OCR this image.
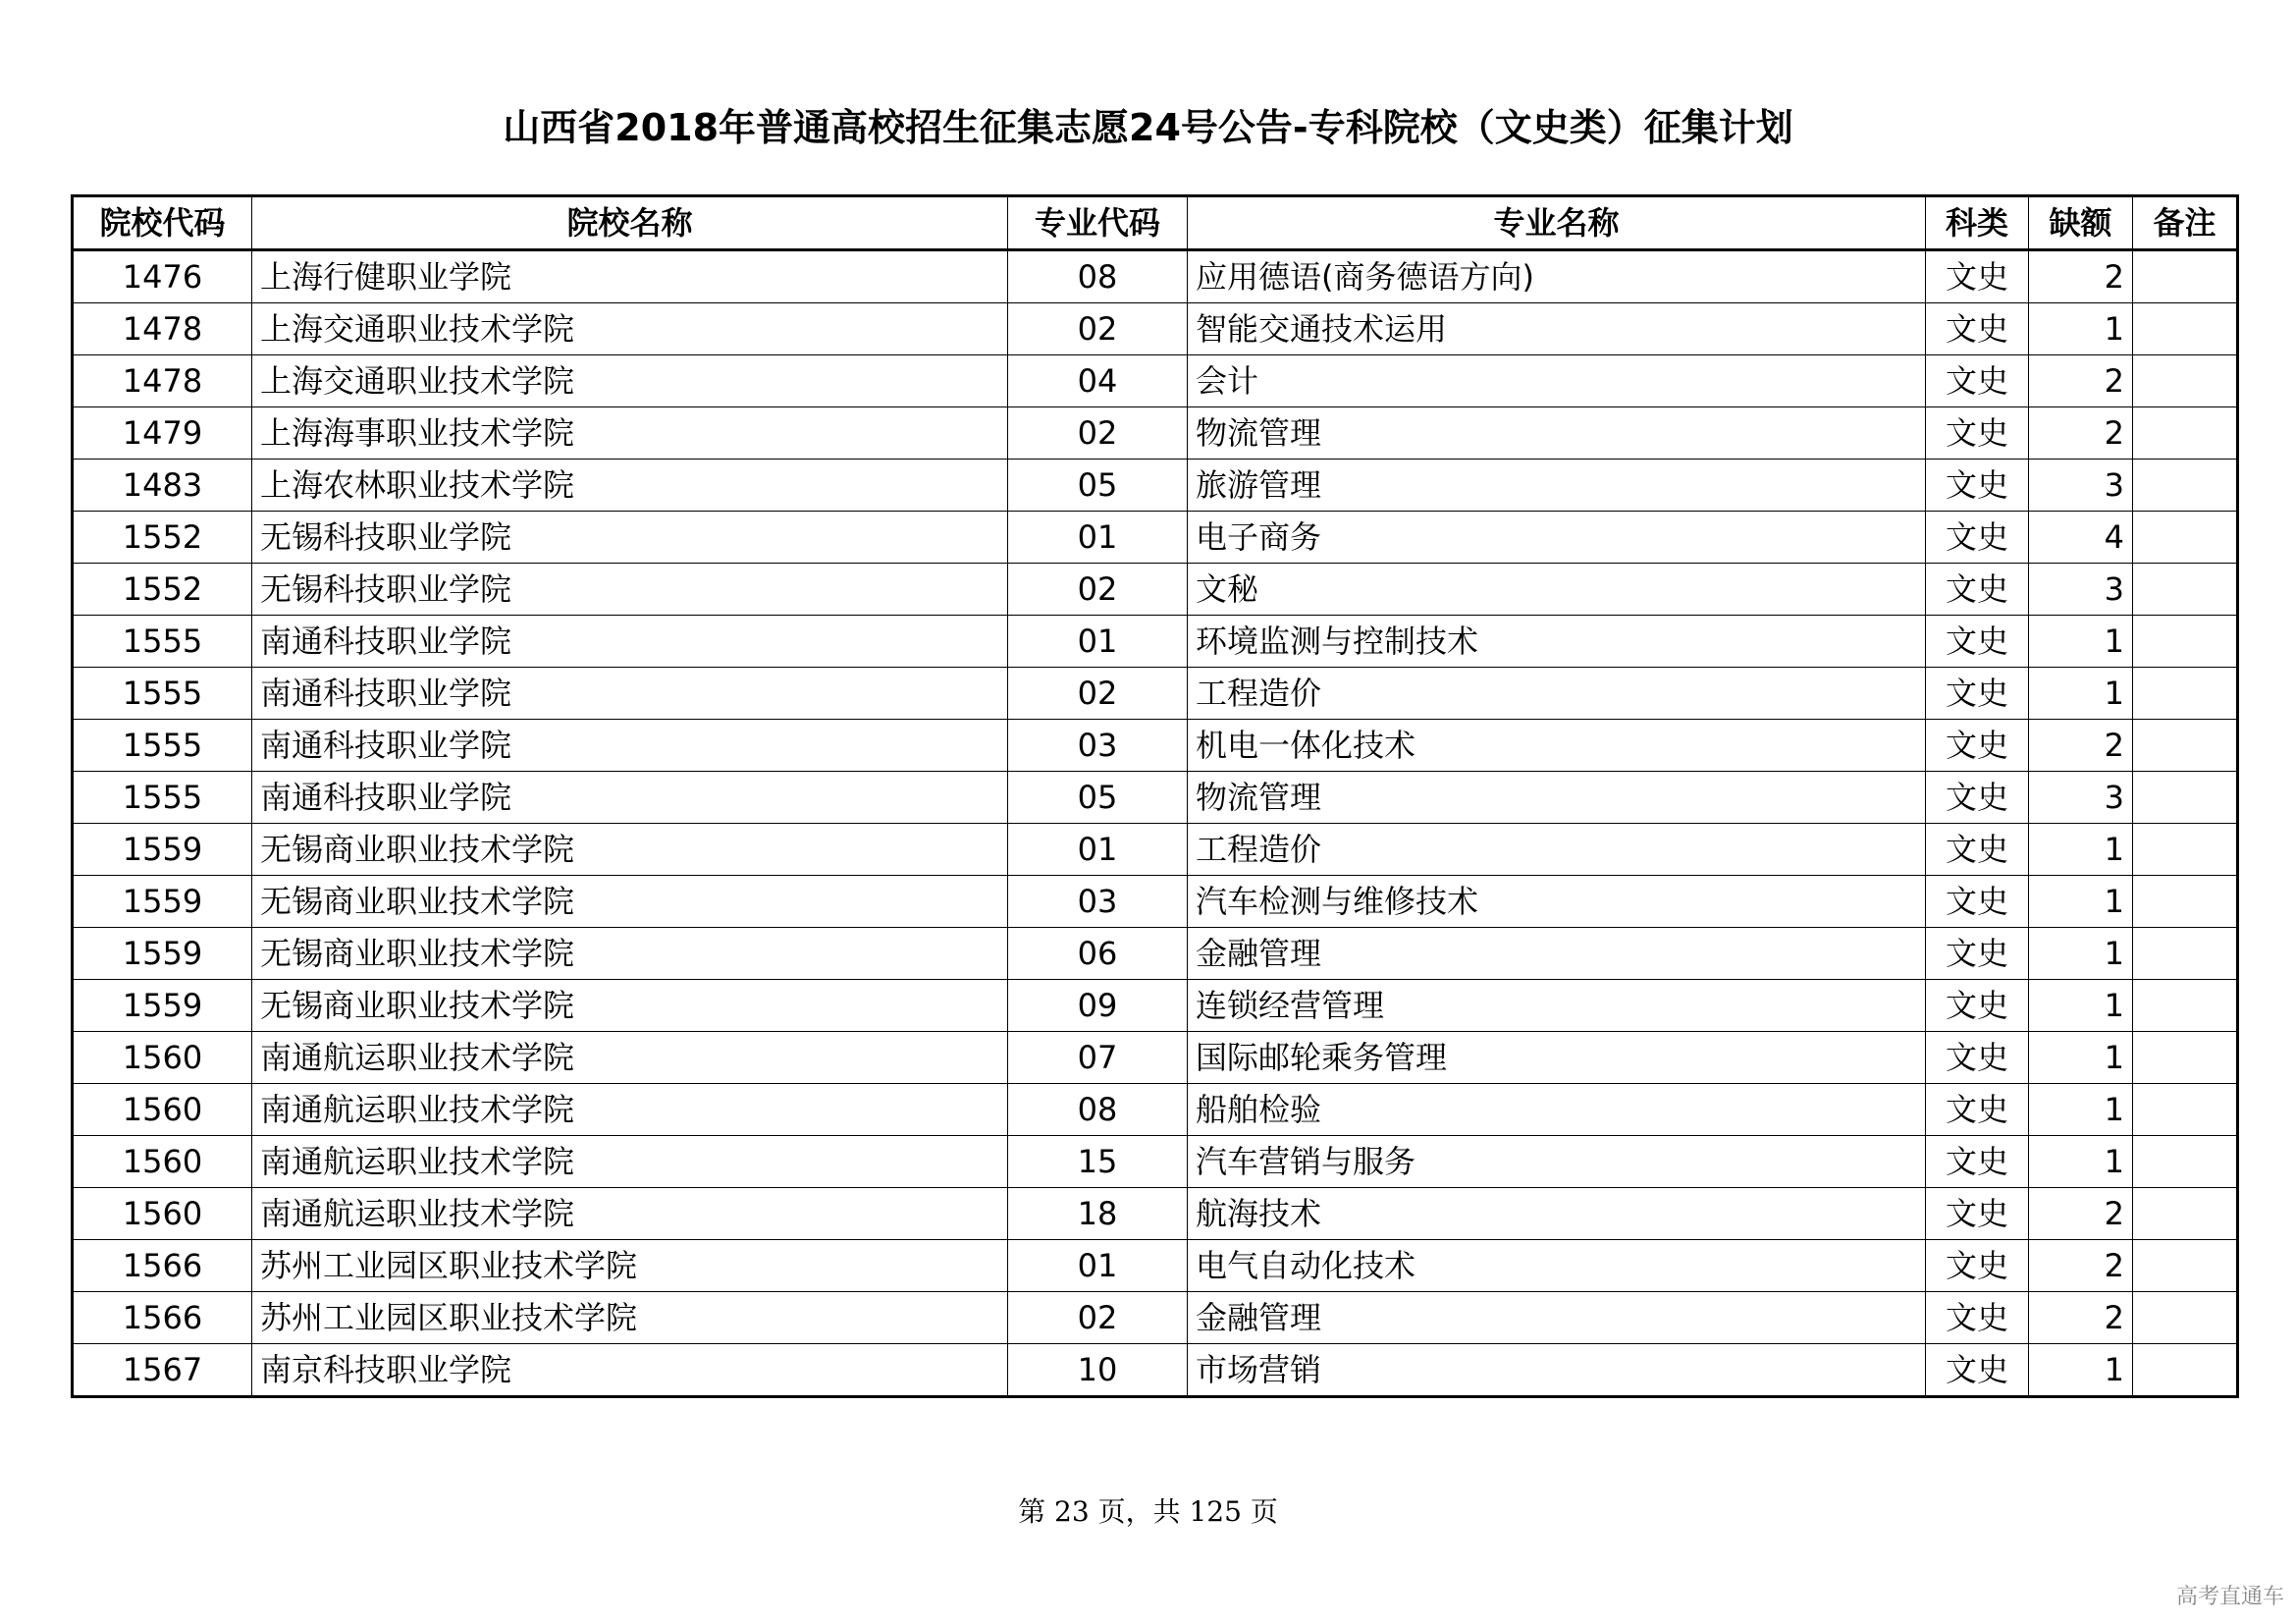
山西省2018年普通高校招生征集志愿24号公告-专科院校（文史类）征集计划
院校代码	院校名称	专业代码	专业名称	科类	缺额	备注
1476	上海行健职业学院	08	应用德语(商务德语方向)	文史	2	
1478	上海交通职业技术学院	02	智能交通技术运用	文史	1	
1478	上海交通职业技术学院	04	会计	文史	2	
1479	上海海事职业技术学院	02	物流管理	文史	2	
1483	上海农林职业技术学院	05	旅游管理	文史	3	
1552	无锡科技职业学院	01	电子商务	文史	4	
1552	无锡科技职业学院	02	文秘	文史	3	
1555	南通科技职业学院	01	环境监测与控制技术	文史	1	
1555	南通科技职业学院	02	工程造价	文史	1	
1555	南通科技职业学院	03	机电一体化技术	文史	2	
1555	南通科技职业学院	05	物流管理	文史	3	
1559	无锡商业职业技术学院	01	工程造价	文史	1	
1559	无锡商业职业技术学院	03	汽车检测与维修技术	文史	1	
1559	无锡商业职业技术学院	06	金融管理	文史	1	
1559	无锡商业职业技术学院	09	连锁经营管理	文史	1	
1560	南通航运职业技术学院	07	国际邮轮乘务管理	文史	1	
1560	南通航运职业技术学院	08	船舶检验	文史	1	
1560	南通航运职业技术学院	15	汽车营销与服务	文史	1	
1560	南通航运职业技术学院	18	航海技术	文史	2	
1566	苏州工业园区职业技术学院	01	电气自动化技术	文史	2	
1566	苏州工业园区职业技术学院	02	金融管理	文史	2	
1567	南京科技职业学院	10	市场营销	文史	1	
第 23 页，共 125 页
高考直通车
